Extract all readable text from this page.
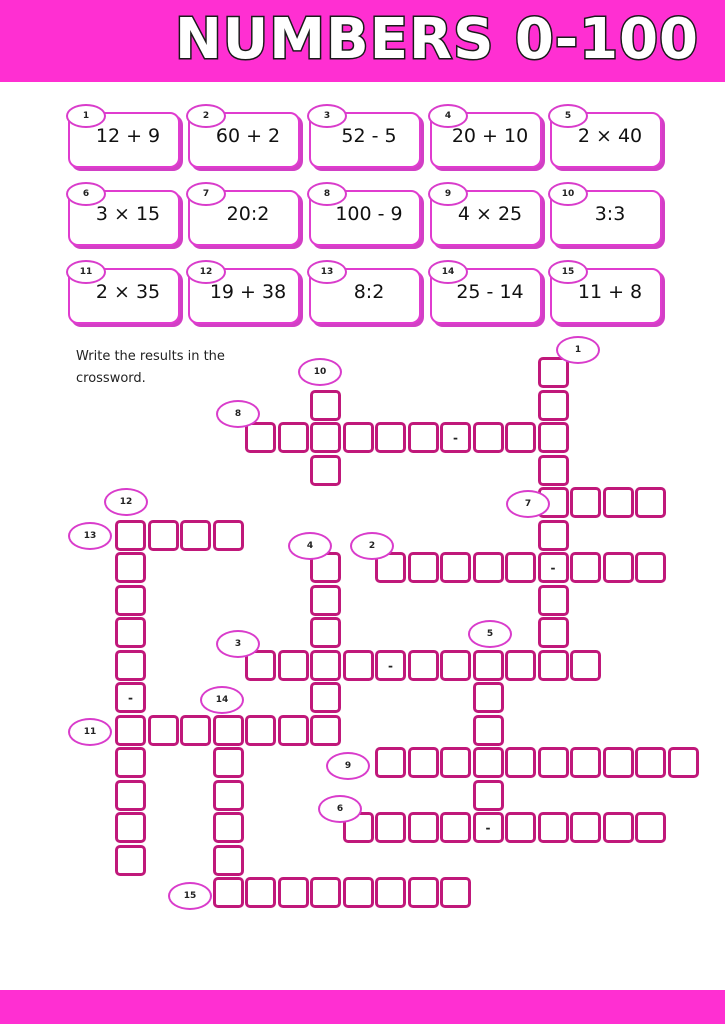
NUMBERS 0-100
1
12 + 9
2
60 + 2
3
52 - 5
4
20 + 10
5
2 × 40
6
3 × 15
7
20:2
8
100 - 9
9
4 × 25
10
3:3
11
2 × 35
12
19 + 38
13
8:2
14
25 - 14
15
11 + 8
Write the results in the crossword.
-
-
-
-
-
1
2
3
4
5
6
7
8
9
10
11
12
13
14
15
